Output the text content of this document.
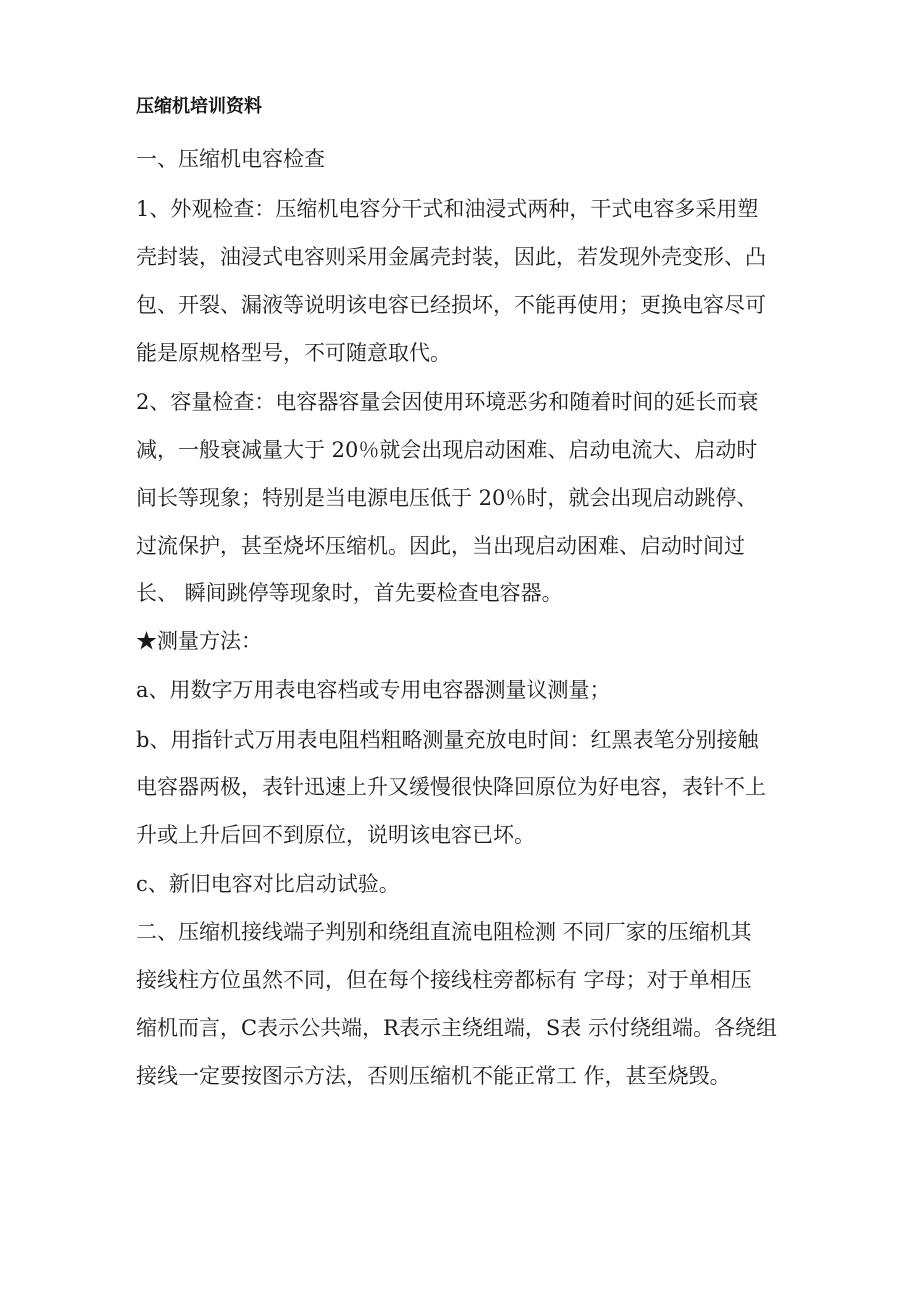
压缩机培训资料
一、压缩机电容检查
1、外观检查：压缩机电容分干式和油浸式两种，干式电容多采用塑
壳封装，油浸式电容则采用金属壳封装，因此，若发现外壳变形、凸
包、开裂、漏液等说明该电容已经损坏，不能再使用；更换电容尽可
能是原规格型号，不可随意取代。
2、容量检查：电容器容量会因使用环境恶劣和随着时间的延长而衰
减，一般衰减量大于 20％就会出现启动困难、启动电流大、启动时
间长等现象；特别是当电源电压低于 20％时，就会出现启动跳停、
过流保护，甚至烧坏压缩机。因此，当出现启动困难、启动时间过
长、 瞬间跳停等现象时，首先要检查电容器。
★测量方法：
a、用数字万用表电容档或专用电容器测量议测量；
b、用指针式万用表电阻档粗略测量充放电时间：红黑表笔分别接触
电容器两极，表针迅速上升又缓慢很快降回原位为好电容，表针不上
升或上升后回不到原位，说明该电容已坏。
c、新旧电容对比启动试验。
二、压缩机接线端子判别和绕组直流电阻检测 不同厂家的压缩机其
接线柱方位虽然不同，但在每个接线柱旁都标有 字母；对于单相压
缩机而言，C表示公共端，R表示主绕组端，S表 示付绕组端。各绕组
接线一定要按图示方法，否则压缩机不能正常工 作，甚至烧毁。
